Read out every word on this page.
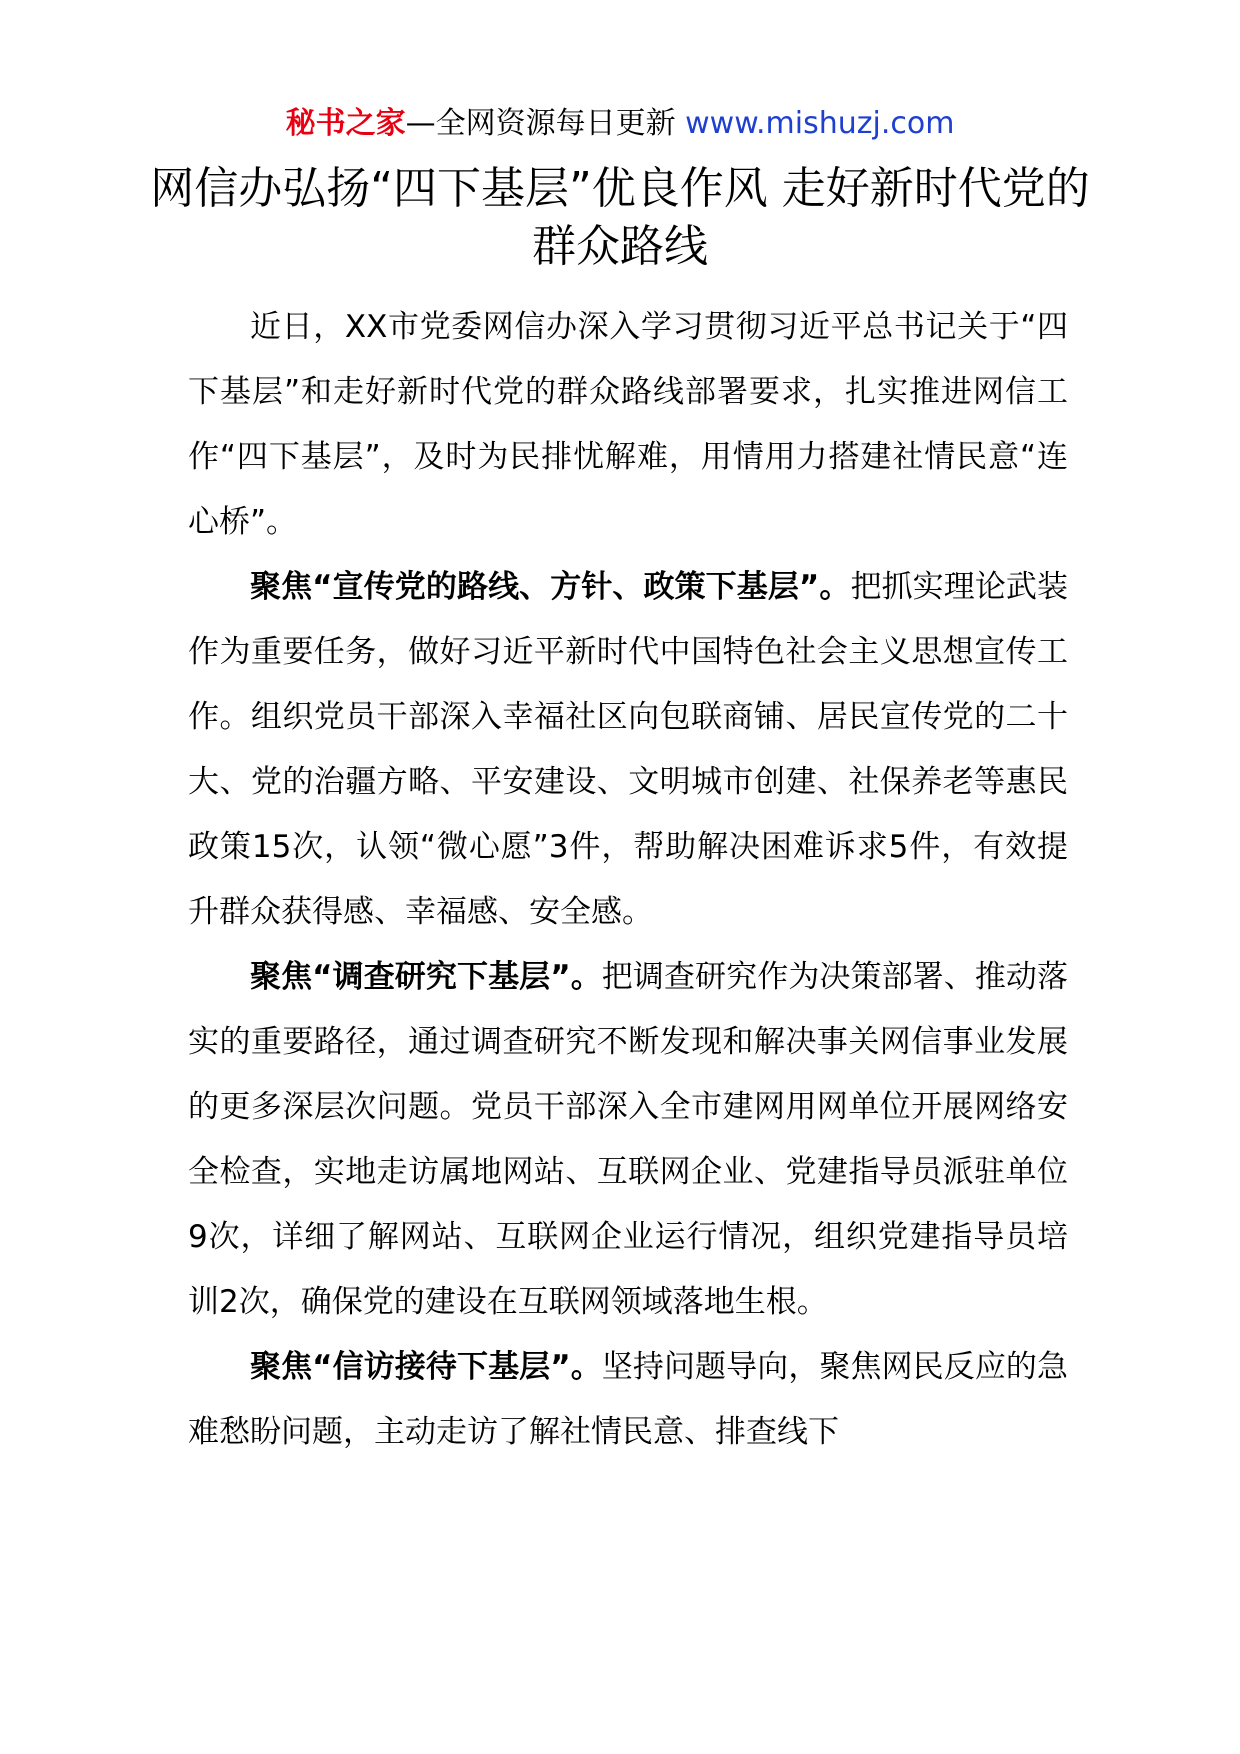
秘书之家—全网资源每日更新 www.mishuzj.com
网信办弘扬“四下基层”优良作风 走好新时代党的群众路线

近日，XX市党委网信办深入学习贯彻习近平总书记关于“四下基层”和走好新时代党的群众路线部署要求，扎实推进网信工作“四下基层”，及时为民排忧解难，用情用力搭建社情民意“连心桥”。

聚焦“宣传党的路线、方针、政策下基层”。把抓实理论武装作为重要任务，做好习近平新时代中国特色社会主义思想宣传工作。组织党员干部深入幸福社区向包联商铺、居民宣传党的二十大、党的治疆方略、平安建设、文明城市创建、社保养老等惠民政策15次，认领“微心愿”3件，帮助解决困难诉求5件，有效提升群众获得感、幸福感、安全感。

聚焦“调查研究下基层”。把调查研究作为决策部署、推动落实的重要路径，通过调查研究不断发现和解决事关网信事业发展的更多深层次问题。党员干部深入全市建网用网单位开展网络安全检查，实地走访属地网站、互联网企业、党建指导员派驻单位9次，详细了解网站、互联网企业运行情况，组织党建指导员培训2次，确保党的建设在互联网领域落地生根。

聚焦“信访接待下基层”。坚持问题导向，聚焦网民反应的急难愁盼问题，主动走访了解社情民意、排查线下
